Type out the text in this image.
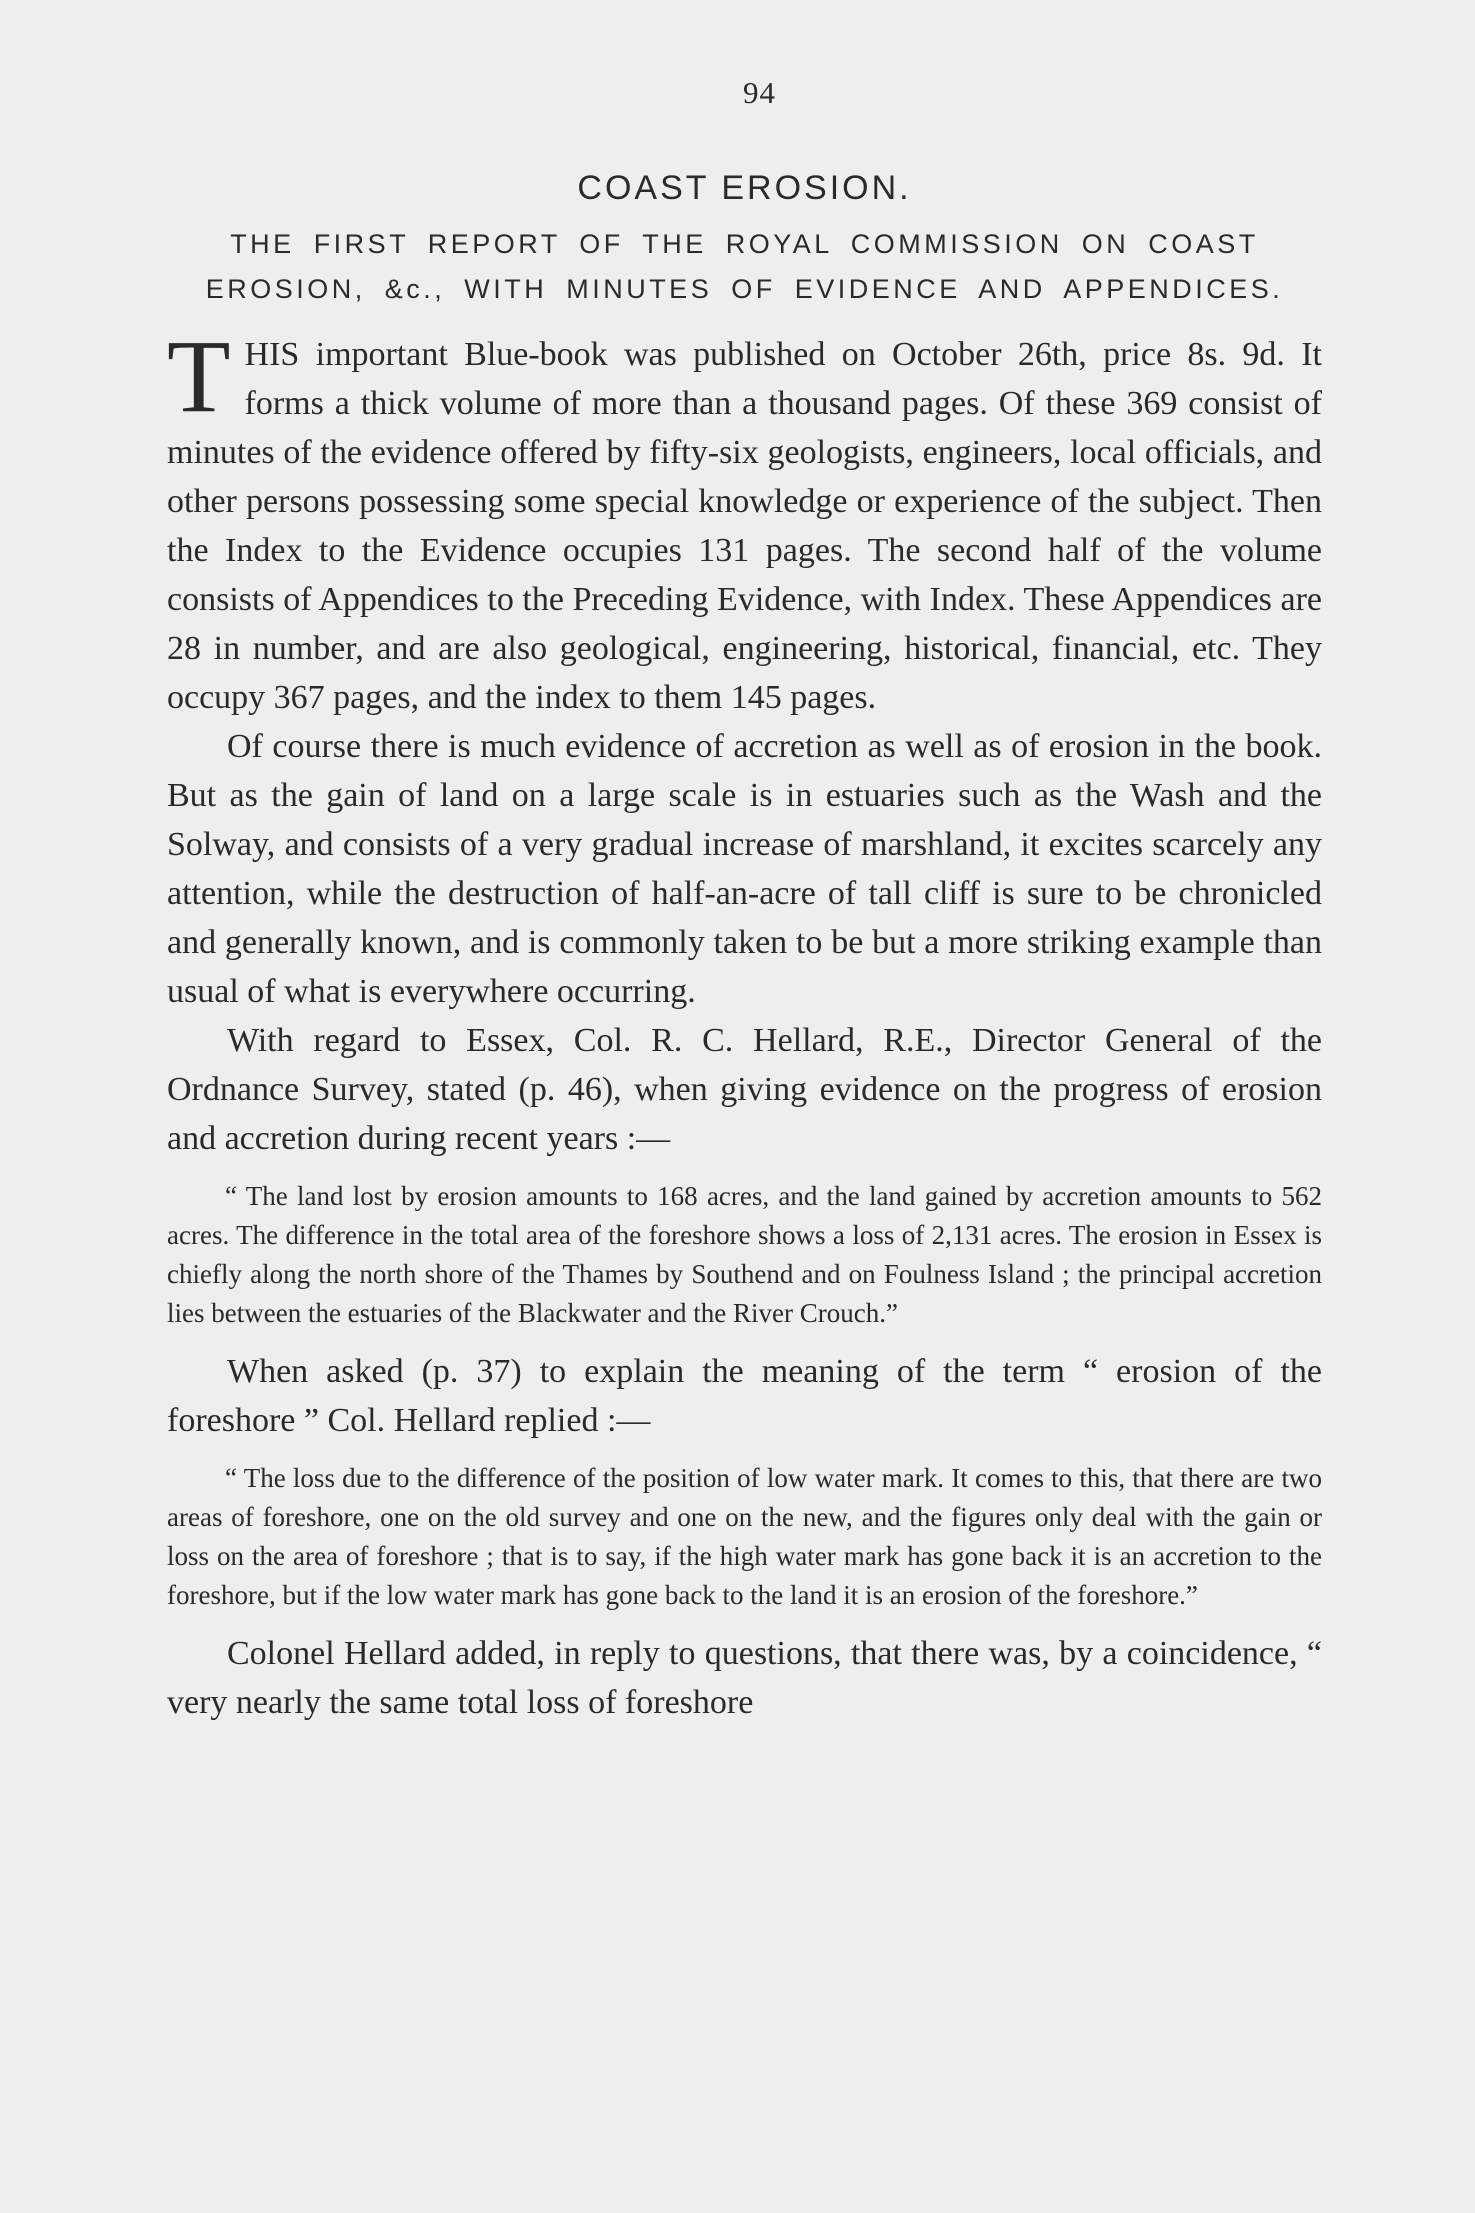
94
COAST EROSION.
THE FIRST REPORT OF THE ROYAL COMMISSION ON COAST EROSION, &c., WITH MINUTES OF EVIDENCE AND APPENDICES.

THIS important Blue-book was published on October 26th, price 8s. 9d. It forms a thick volume of more than a thousand pages. Of these 369 consist of minutes of the evidence offered by fifty-six geologists, engineers, local officials, and other persons possessing some special knowledge or experience of the subject. Then the Index to the Evidence occupies 131 pages. The second half of the volume consists of Appendices to the Preceding Evidence, with Index. These Appendices are 28 in number, and are also geological, engineering, historical, financial, etc. They occupy 367 pages, and the index to them 145 pages.

Of course there is much evidence of accretion as well as of erosion in the book. But as the gain of land on a large scale is in estuaries such as the Wash and the Solway, and consists of a very gradual increase of marshland, it excites scarcely any attention, while the destruction of half-an-acre of tall cliff is sure to be chronicled and generally known, and is commonly taken to be but a more striking example than usual of what is everywhere occurring.

With regard to Essex, Col. R. C. Hellard, R.E., Director General of the Ordnance Survey, stated (p. 46), when giving evidence on the progress of erosion and accretion during recent years :—

“ The land lost by erosion amounts to 168 acres, and the land gained by accretion amounts to 562 acres. The difference in the total area of the foreshore shows a loss of 2,131 acres. The erosion in Essex is chiefly along the north shore of the Thames by Southend and on Foulness Island ; the principal accretion lies between the estuaries of the Blackwater and the River Crouch.”

When asked (p. 37) to explain the meaning of the term “ erosion of the foreshore ” Col. Hellard replied :—

“ The loss due to the difference of the position of low water mark. It comes to this, that there are two areas of foreshore, one on the old survey and one on the new, and the figures only deal with the gain or loss on the area of foreshore ; that is to say, if the high water mark has gone back it is an accretion to the foreshore, but if the low water mark has gone back to the land it is an erosion of the foreshore.”

Colonel Hellard added, in reply to questions, that there was, by a coincidence, “ very nearly the same total loss of foreshore
